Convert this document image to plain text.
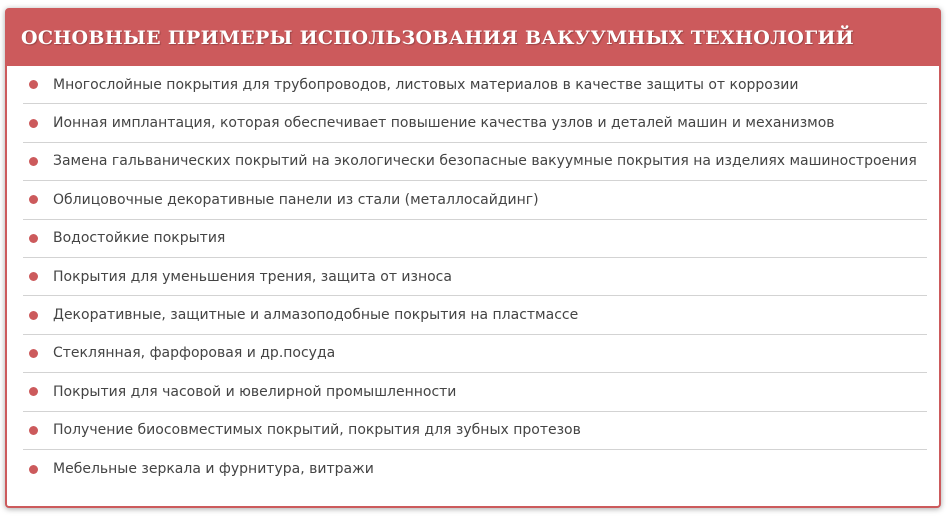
ОСНОВНЫЕ ПРИМЕРЫ ИСПОЛЬЗОВАНИЯ ВАКУУМНЫХ ТЕХНОЛОГИЙ
Многослойные покрытия для трубопроводов, листовых материалов в качестве защиты от коррозии
Ионная имплантация, которая обеспечивает повышение качества узлов и деталей машин и механизмов
Замена гальванических покрытий на экологически безопасные вакуумные покрытия на изделиях машиностроения
Облицовочные декоративные панели из стали (металлосайдинг)
Водостойкие покрытия
Покрытия для уменьшения трения, защита от износа
Декоративные, защитные и алмазоподобные покрытия на пластмассе
Стеклянная, фарфоровая и др.посуда
Покрытия для часовой и ювелирной промышленности
Получение биосовместимых покрытий, покрытия для зубных протезов
Мебельные зеркала и фурнитура, витражи
